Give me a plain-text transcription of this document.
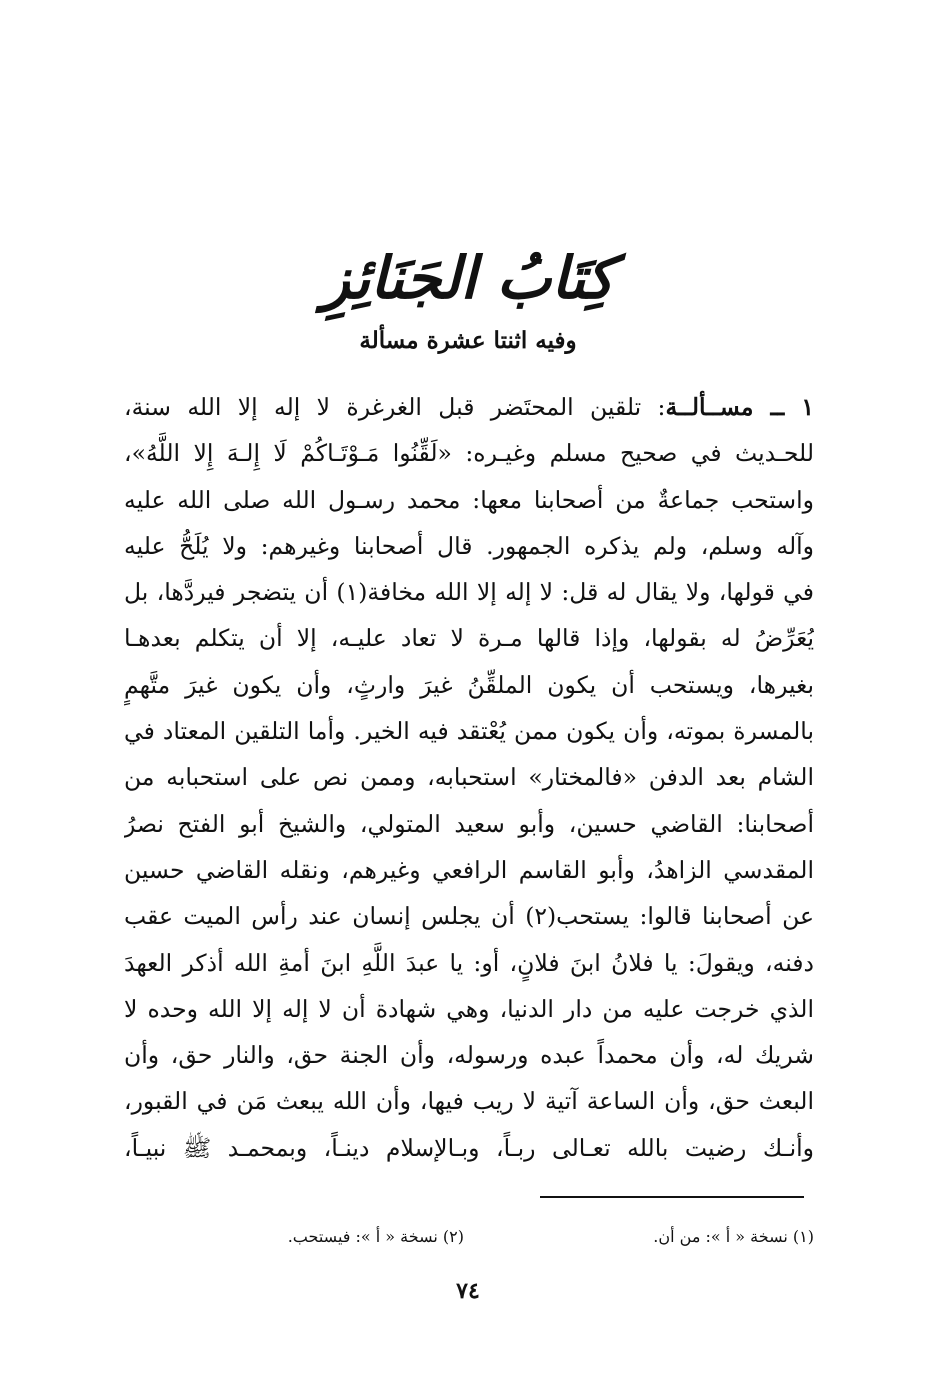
كِتَابُ الجَنَائِزِ
وفيه اثنتا عشرة مسألة
١ ــ مســألــة: تلقين المحتَضر قبل الغرغرة لا إله إلا الله سنة،
للحـديث في صحيح مسلم وغيـره: «لَقِّنُوا مَـوْتَـاكُمْ لَا إِلـهَ إِلا اللَّهُ»،
واستحب جماعةٌ من أصحابنا معها: محمد رسـول الله صلى الله عليه
وآله وسلم، ولم يذكره الجمهور. قال أصحابنا وغيرهم: ولا يُلَحُّ عليه
في قولها، ولا يقال له قل: لا إله إلا الله مخافة(١) أن يتضجر فيردَّها، بل
يُعَرِّضُ له بقولها، وإذا قالها مـرة لا تعاد عليـه، إلا أن يتكلم بعدهـا
بغيرها، ويستحب أن يكون الملقِّنُ غيرَ وارثٍ، وأن يكون غيرَ متَّهمٍ
بالمسرة بموته، وأن يكون ممن يُعْتقد فيه الخير. وأما التلقين المعتاد في
الشام بعد الدفن «فالمختار» استحبابه، وممن نص على استحبابه من
أصحابنا: القاضي حسين، وأبو سعيد المتولي، والشيخ أبو الفتح نصرُ
المقدسي الزاهدُ، وأبو القاسم الرافعي وغيرهم، ونقله القاضي حسين
عن أصحابنا قالوا: يستحب(٢) أن يجلس إنسان عند رأس الميت عقب
دفنه، ويقولَ: يا فلانُ ابنَ فلانٍ، أو: يا عبدَ اللَّهِ ابنَ أمةِ الله أذكر العهدَ
الذي خرجت عليه من دار الدنيا، وهي شهادة أن لا إله إلا الله وحده لا
شريك له، وأن محمداً عبده ورسوله، وأن الجنة حق، والنار حق، وأن
البعث حق، وأن الساعة آتية لا ريب فيها، وأن الله يبعث مَن في القبور،
وأنـك رضيت بالله تعـالى ربـاً، وبـالإسلام دينـاً، وبمحمـد ﷺ نبيـاً،
(١) نسخة « أ »: من أن.
(٢) نسخة « أ »: فيستحب.
٧٤
